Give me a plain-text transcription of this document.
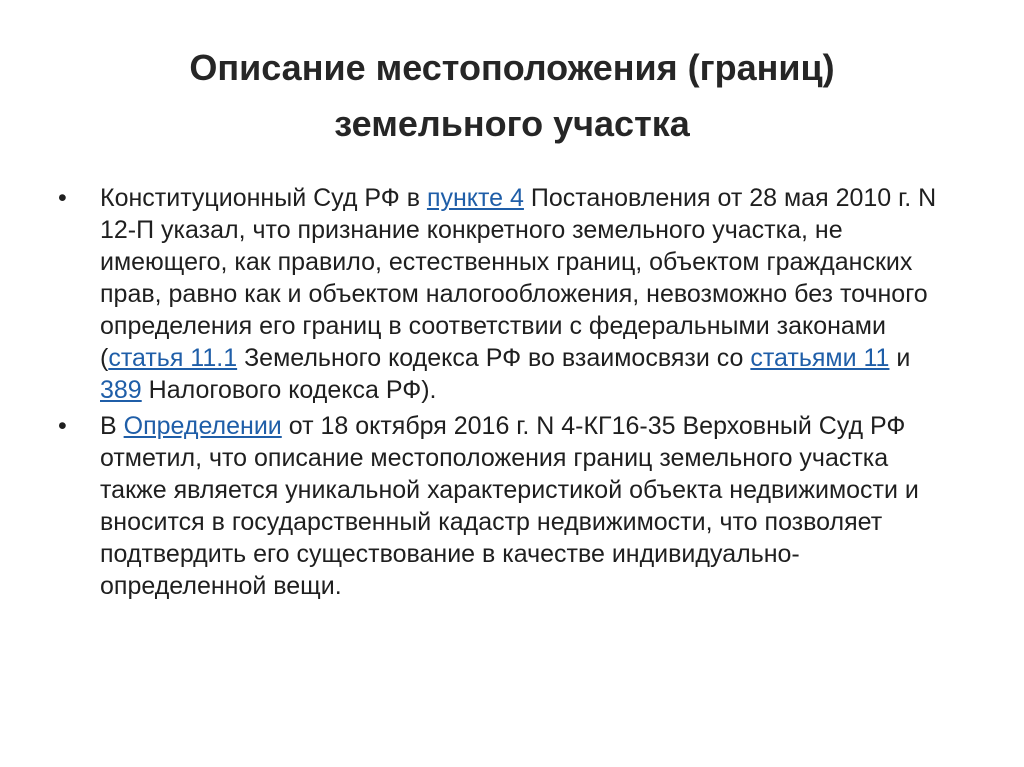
Описание местоположения (границ)
земельного участка
• Конституционный Суд РФ в пункте 4 Постановления от 28 мая 2010 г. N 12-П указал, что признание конкретного земельного участка, не имеющего, как правило, естественных границ, объектом гражданских прав, равно как и объектом налогообложения, невозможно без точного определения его границ в соответствии с федеральными законами (статья 11.1 Земельного кодекса РФ во взаимосвязи со статьями 11 и 389 Налогового кодекса РФ).
• В Определении от 18 октября 2016 г. N 4-КГ16-35 Верховный Суд РФ отметил, что описание местоположения границ земельного участка также является уникальной характеристикой объекта недвижимости и вносится в государственный кадастр недвижимости, что позволяет подтвердить его существование в качестве индивидуально-определенной вещи.
